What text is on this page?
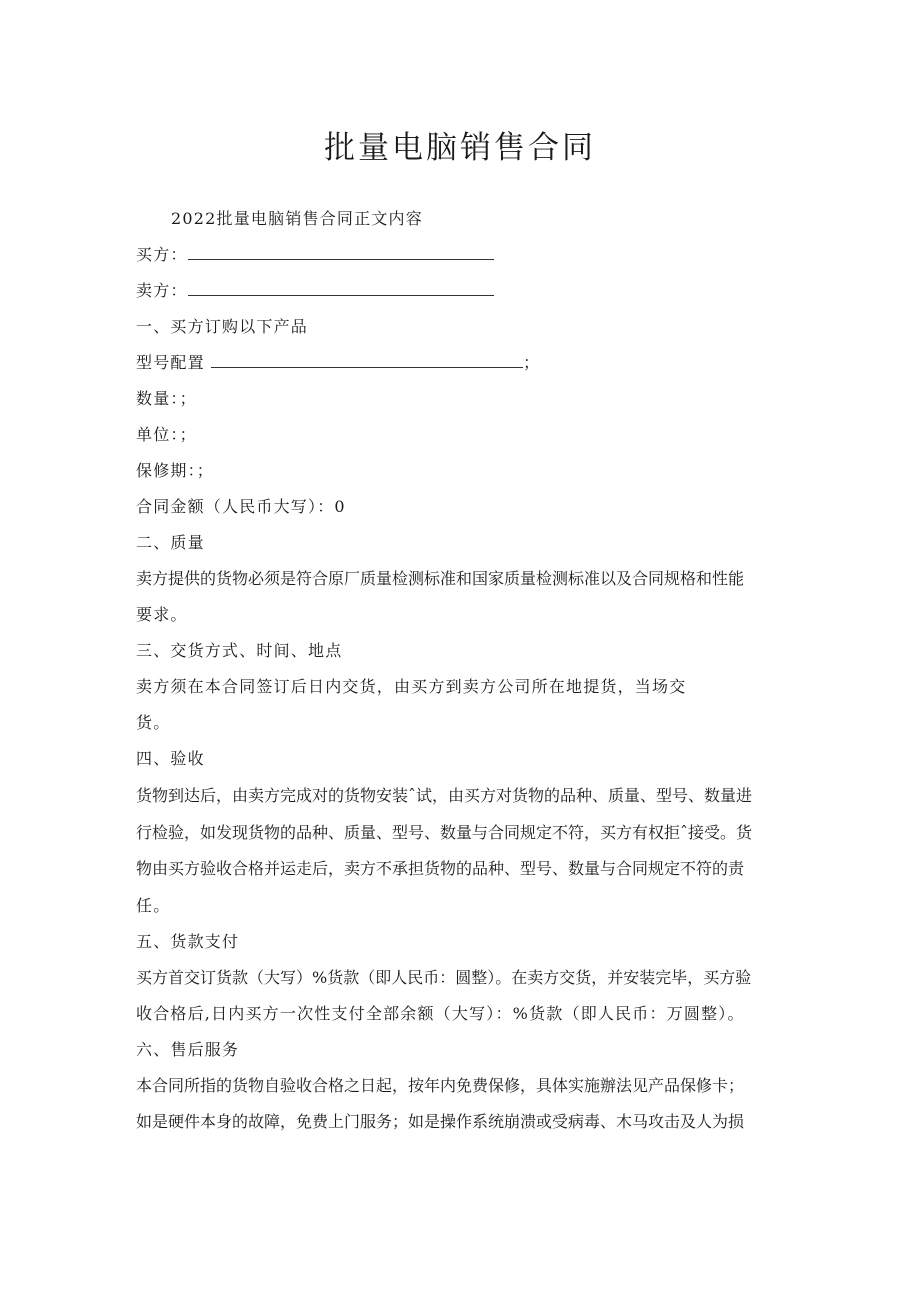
批量电脑销售合同
2022批量电脑销售合同正文内容
买方：
卖方：
一、买方订购以下产品
型号配置	；
数量：；
单位：；
保修期：；
合同金额（人民币大写）：0
二、质量
卖方提供的货物必须是符合原厂质量检测标准和国家质量检测标准以及合同规格和性能
要求。
三、交货方式、时间、地点
卖方须在本合同签订后日内交货，由买方到卖方公司所在地提货，当场交
货。
四、验收
货物到达后，由卖方完成对的货物安装ˆ试，由买方对货物的品种、质量、型号、数量进
行检验，如发现货物的品种、质量、型号、数量与合同规定不符，买方有权拒ˆ接受。货
物由买方验收合格并运走后，卖方不承担货物的品种、型号、数量与合同规定不符的责
任。
五、货款支付
买方首交订货款（大写）%货款（即人民币：圆整）。在卖方交货，并安装完毕，买方验
收合格后,日内买方一次性支付全部余额（大写）：%货款（即人民币：万圆整）。
六、售后服务
本合同所指的货物自验收合格之日起，按年内免费保修，具体实施辦法见产品保修卡；
如是硬件本身的故障，免费上门服务；如是操作系统崩溃或受病毒、木马攻击及人为损
